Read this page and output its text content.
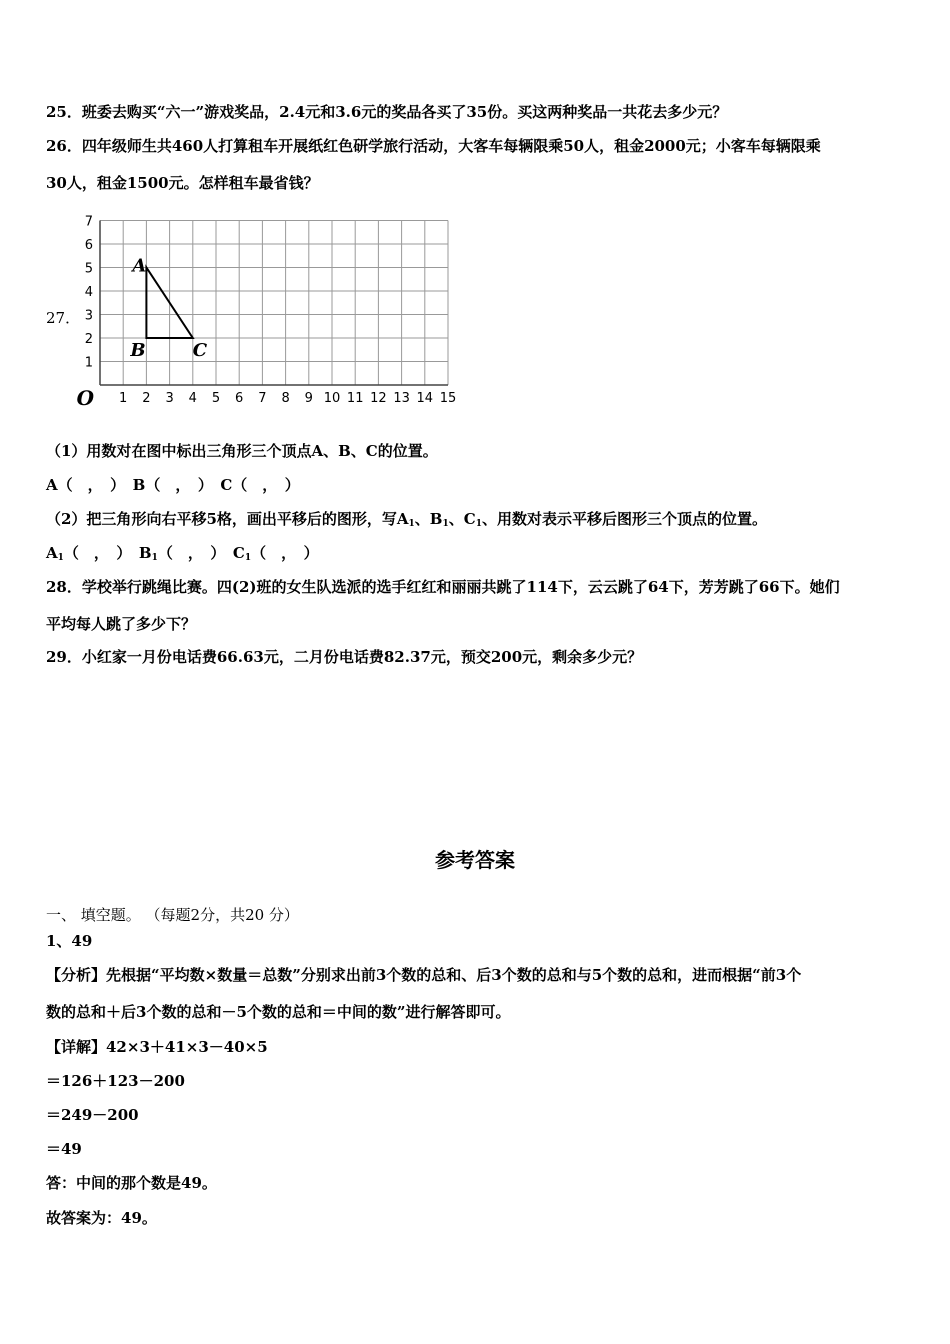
25．班委去购买“六一”游戏奖品，2.4元和3.6元的奖品各买了35份。买这两种奖品一共花去多少元？
26．四年级师生共460人打算租车开展纸红色研学旅行活动，大客车每辆限乘50人，租金2000元；小客车每辆限乘
30人，租金1500元。怎样租车最省钱？
27．
1 2 3 4 5 6 7 8 9 10 11 12 13 14 15
1
2
3
4
5
6
7
O
A
B	C
（1）用数对在图中标出三角形三个顶点A、B、C的位置。
A（　，　）　B（　，　）　C（　，　）
（2）把三角形向右平移5格，画出平移后的图形，写$A_1$、$B_1$、$C_1$、用数对表示平移后图形三个顶点的位置。
$A_1$（　，　）　$B_1$（　，　）　$C_1$（　，　）
28．学校举行跳绳比赛。四(2)班的女生队选派的选手红红和丽丽共跳了114下，云云跳了64下，芳芳跳了66下。她们
平均每人跳了多少下？
29．小红家一月份电话费66.63元，二月份电话费82.37元，预交200元，剩余多少元？
参考答案
一、 填空题。 （每题2分，共20 分）
1、49
【分析】先根据“平均数×数量＝总数”分别求出前3个数的总和、后3个数的总和与5个数的总和，进而根据“前3个
数的总和＋后3个数的总和－5个数的总和＝中间的数”进行解答即可。
【详解】42×3＋41×3－40×5
＝126＋123－200
＝249－200
＝49
答：中间的那个数是49。
故答案为：49。
